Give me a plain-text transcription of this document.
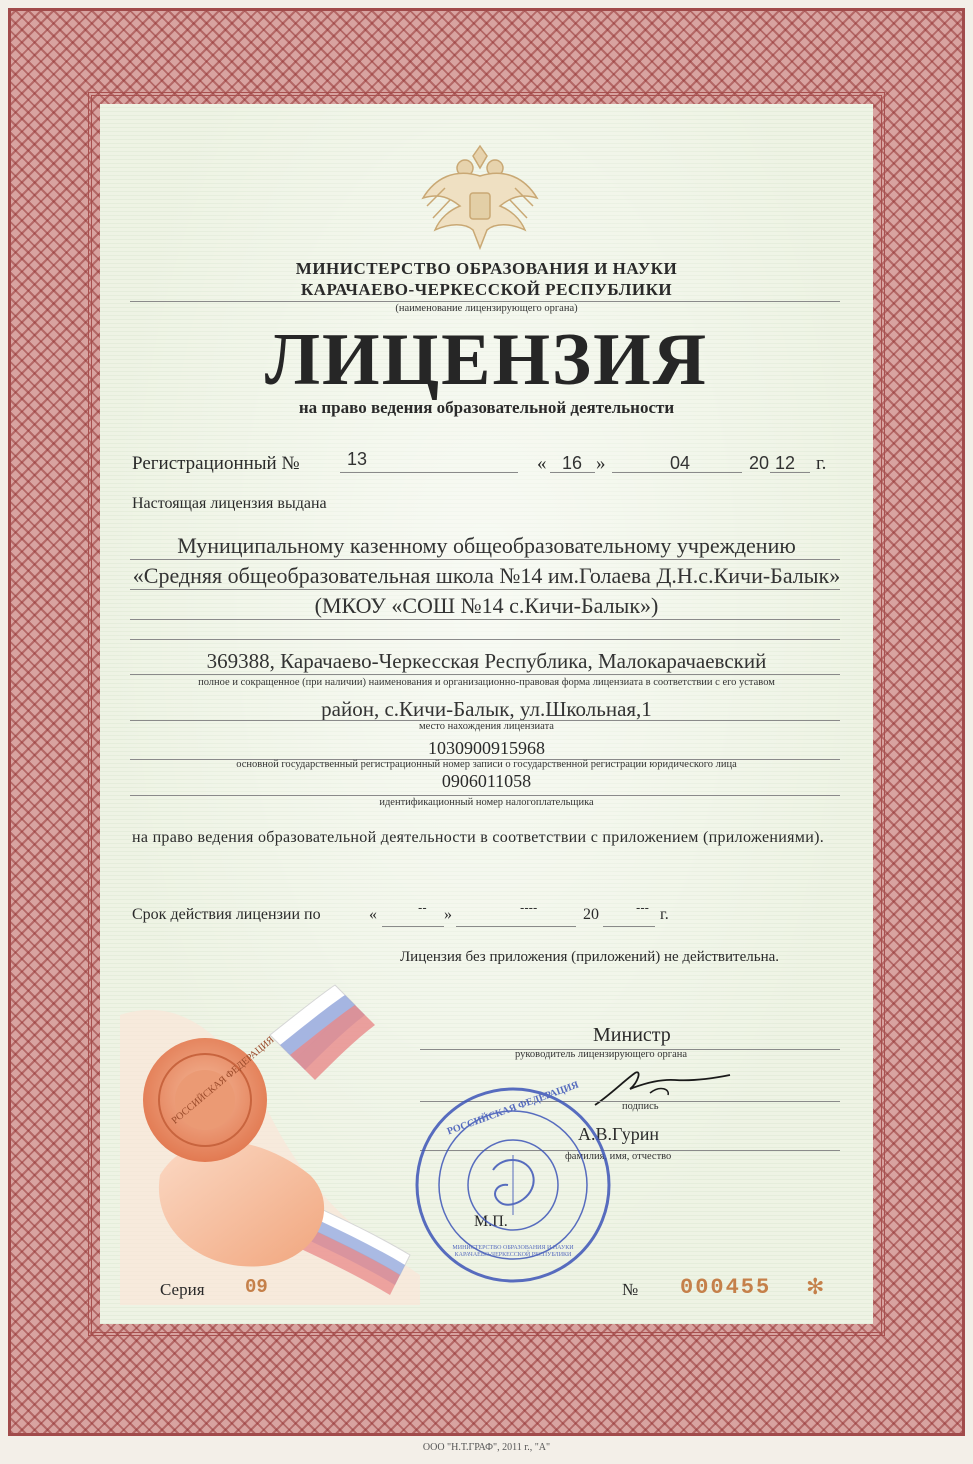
МИНИСТЕРСТВО ОБРАЗОВАНИЯ И НАУКИ
КАРАЧАЕВО-ЧЕРКЕССКОЙ РЕСПУБЛИКИ
(наименование лицензирующего органа)
ЛИЦЕНЗИЯ
на право ведения образовательной деятельности
Регистрационный №	13	« 16 »	04	20 12 г.
Настоящая лицензия выдана
Муниципальному казенному общеобразовательному учреждению
«Средняя общеобразовательная школа №14 им.Голаева Д.Н.с.Кичи-Балык»
(МКОУ «СОШ №14 с.Кичи-Балык»)
369388, Карачаево-Черкесская Республика, Малокарачаевский
полное и сокращенное (при наличии) наименования и организационно-правовая форма лицензиата в соответствии с его уставом
район, с.Кичи-Балык, ул.Школьная,1
место нахождения лицензиата
1030900915968
основной государственный регистрационный номер записи о государственной регистрации юридического лица
0906011058
идентификационный номер налогоплательщика
на право ведения образовательной деятельности в соответствии с приложением (приложениями).
Срок действия лицензии по	«	-- »	----	20	--- г.
Лицензия без приложения (приложений) не действительна.
РОССИЙСКАЯ ФЕДЕРАЦИЯ	Министр
руководитель лицензирующего органа
подпись
А.В.Гурин
фамилия, имя, отчество
М.П.
РОССИЙСКАЯ ФЕДЕРАЦИЯ
МИНИСТЕРСТВО ОБРАЗОВАНИЯ И НАУКИ КАРАЧАЕВО-ЧЕРКЕССКОЙ РЕСПУБЛИКИ
Серия 09	№ 000455 ✻
ООО "Н.Т.ГРАФ", 2011 г., "А"
